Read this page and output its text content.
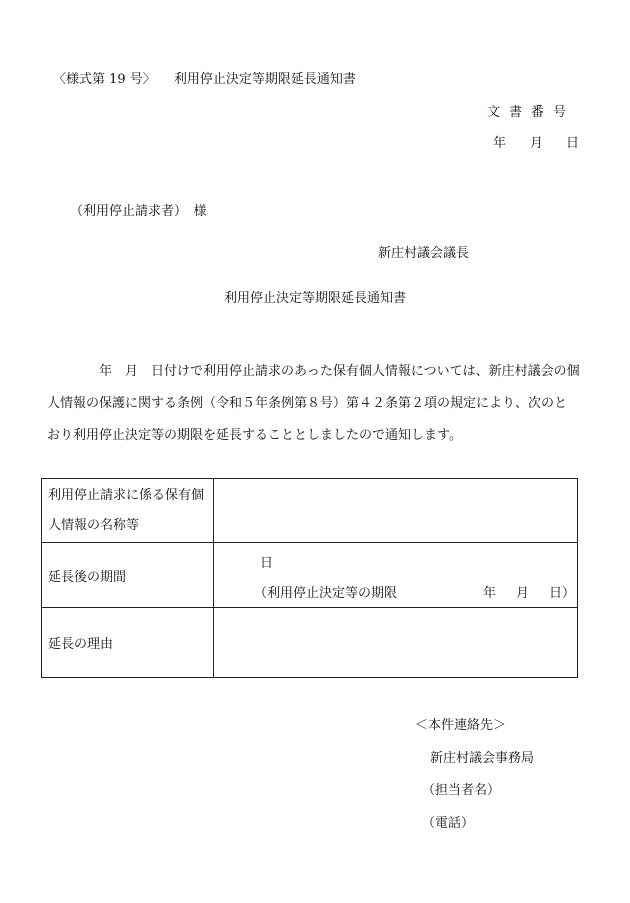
〈様式第 19 号〉 利用停止決定等期限延長通知書
文書番号
年 月 日
（利用停止請求者）　様
新庄村議会議長
利用停止決定等期限延長通知書

年　月　日付けで利用停止請求のあった保有個人情報については、新庄村議会の個

人情報の保護に関する条例（令和５年条例第８号）第４２条第２項の規定により、次のと

おり利用停止決定等の期限を延長することとしましたので通知します。

利用停止請求に係る保有個
人情報の名称等	

延長後の期間	日
（利用停止決定等の期限 年 月 日）

延長の理由	
＜本件連絡先＞
新庄村議会事務局
（担当者名）
（電話）
